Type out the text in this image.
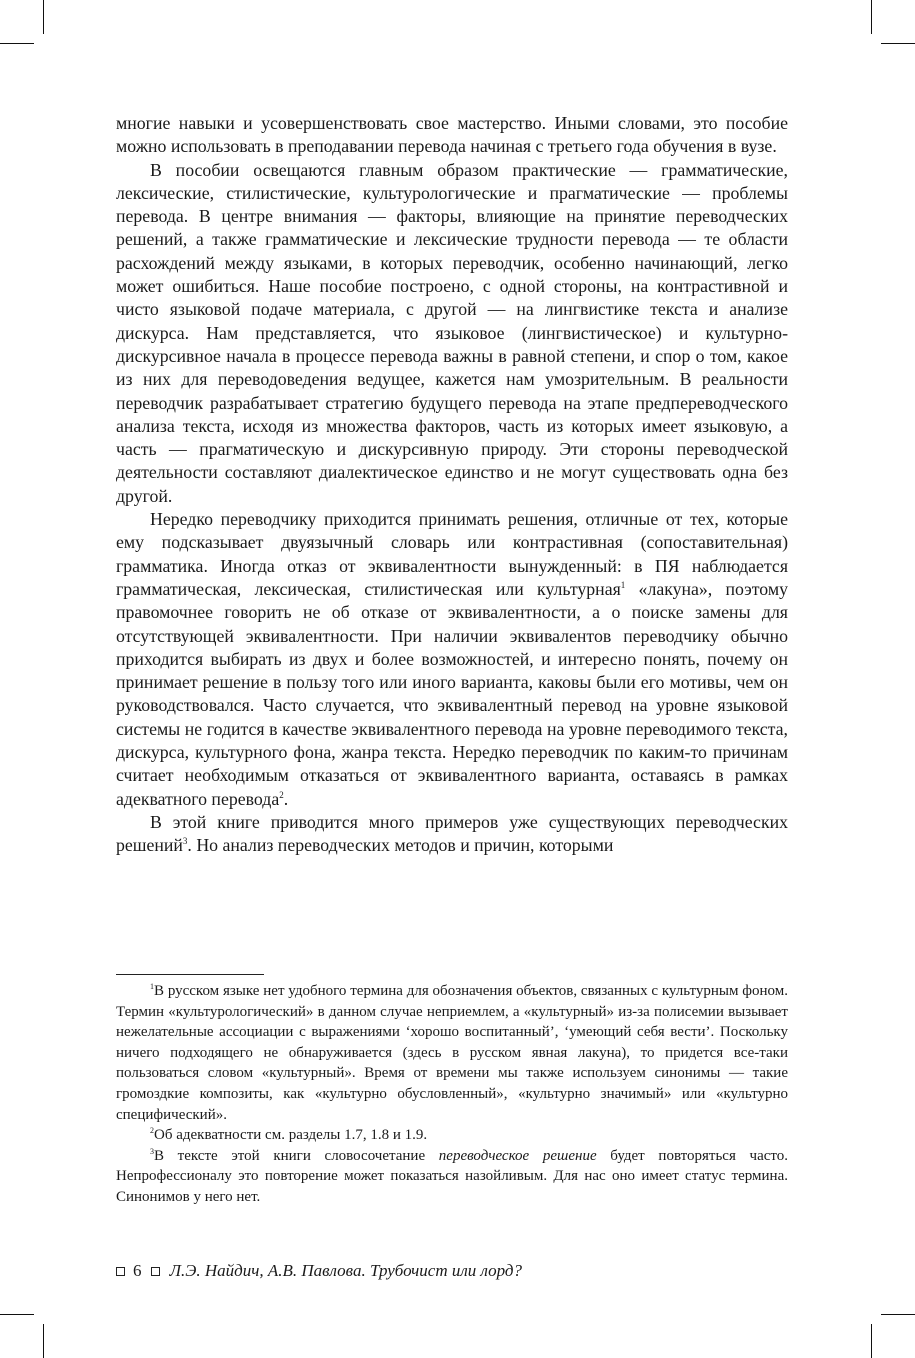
многие навыки и усовершенствовать свое мастерство. Иными словами, это пособие можно использовать в преподавании перевода начиная с третьего года обучения в вузе.

В пособии освещаются главным образом практические — грамматические, лексические, стилистические, культурологические и прагматические — проблемы перевода. В центре внимания — факторы, влияющие на принятие переводческих решений, а также грамматические и лексические трудности перевода — те области расхождений между языками, в которых переводчик, особенно начинающий, легко может ошибиться. Наше пособие построено, с одной стороны, на контрастивной и чисто языковой подаче материала, с другой — на лингвистике текста и анализе дискурса. Нам представляется, что языковое (лингвистическое) и культурно-дискурсивное начала в процессе перевода важны в равной степени, и спор о том, какое из них для переводоведения ведущее, кажется нам умозрительным. В реальности переводчик разрабатывает стратегию будущего перевода на этапе предпереводческого анализа текста, исходя из множества факторов, часть из которых имеет языковую, а часть — прагматическую и дискурсивную природу. Эти стороны переводческой деятельности составляют диалектическое единство и не могут существовать одна без другой.

Нередко переводчику приходится принимать решения, отличные от тех, которые ему подсказывает двуязычный словарь или контрастивная (сопоставительная) грамматика. Иногда отказ от эквивалентности вынужденный: в ПЯ наблюдается грамматическая, лексическая, стилистическая или культурная$^1$ «лакуна», поэтому правомочнее говорить не об отказе от эквивалентности, а о поиске замены для отсутствующей эквивалентности. При наличии эквивалентов переводчику обычно приходится выбирать из двух и более возможностей, и интересно понять, почему он принимает решение в пользу того или иного варианта, каковы были его мотивы, чем он руководствовался. Часто случается, что эквивалентный перевод на уровне языковой системы не годится в качестве эквивалентного перевода на уровне переводимого текста, дискурса, культурного фона, жанра текста. Нередко переводчик по каким-то причинам считает необходимым отказаться от эквивалентного варианта, оставаясь в рамках адекватного перевода$^2$.

В этой книге приводится много примеров уже существующих переводческих решений$^3$. Но анализ переводческих методов и причин, которыми

$^1$В русском языке нет удобного термина для обозначения объектов, связанных с культурным фоном. Термин «культурологический» в данном случае неприемлем, а «культурный» из-за полисемии вызывает нежелательные ассоциации с выражениями ‘хорошо воспитанный’, ‘умеющий себя вести’. Поскольку ничего подходящего не обнаруживается (здесь в русском явная лакуна), то придется все-таки пользоваться словом «культурный». Время от времени мы также используем синонимы — такие громоздкие композиты, как «культурно обусловленный», «культурно значимый» или «культурно специфический».

$^2$Об адекватности см. разделы 1.7, 1.8 и 1.9.

$^3$В тексте этой книги словосочетание переводческое решение будет повторяться часто. Непрофессионалу это повторение может показаться назойливым. Для нас оно имеет статус термина. Синонимов у него нет.

6 Л.Э. Найдич, А.В. Павлова. Трубочист или лорд?
